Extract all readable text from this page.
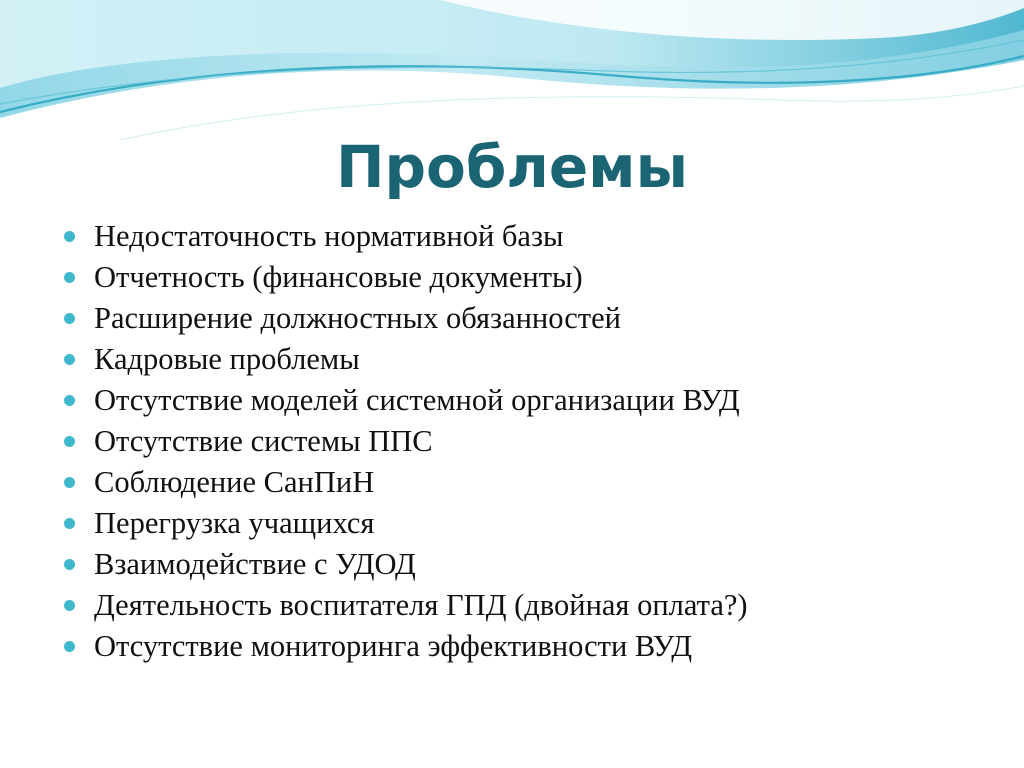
Проблемы
Недостаточность нормативной базы
Отчетность (финансовые документы)
Расширение должностных обязанностей
Кадровые проблемы
Отсутствие моделей системной организации ВУД
Отсутствие системы ППС
Соблюдение СанПиН
Перегрузка учащихся
Взаимодействие с УДОД
Деятельность воспитателя ГПД (двойная оплата?)
Отсутствие мониторинга эффективности ВУД
